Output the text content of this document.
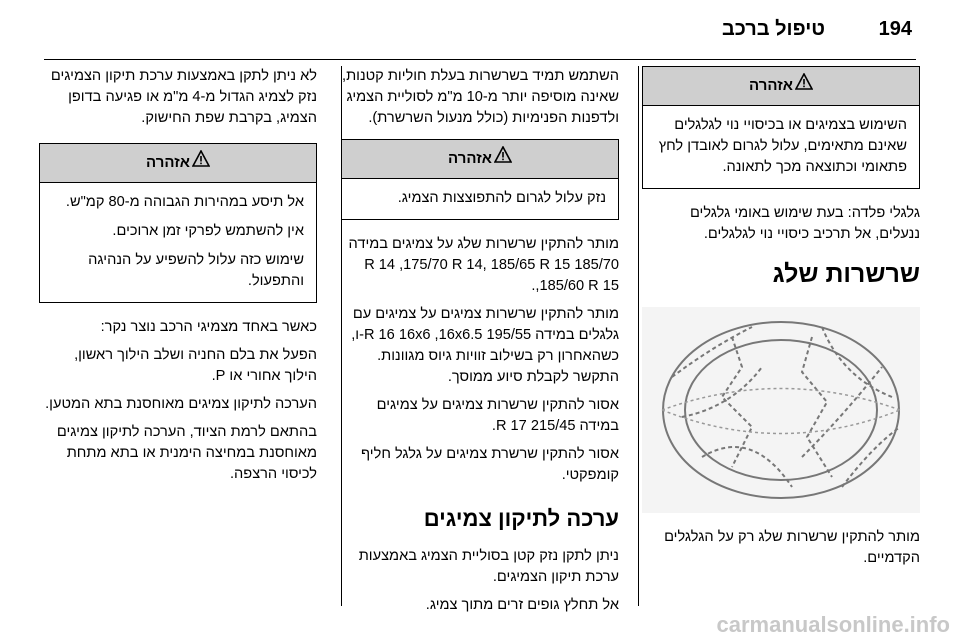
194
טיפול ברכב
אזהרה

השימוש בצמיגים או בכיסויי נוי לגלגלים שאינם מתאימים, עלול לגרום לאובדן לחץ פתאומי וכתוצאה מכך לתאונה.

גלגלי פלדה: בעת שימוש באומי גלגלים ננעלים, אל תרכיב כיסויי נוי לגלגלים.

שרשרות שלג

מותר להתקין שרשרות שלג רק על הגלגלים הקדמיים.

השתמש תמיד בשרשרות בעלת חוליות קטנות, שאינה מוסיפה יותר מ-10 מ"מ לסוליית הצמיג ולדפנות הפנימיות (כולל מנעול השרשרת).

אזהרה

נזק עלול לגרום להתפוצצות הצמיג.

מותר להתקין שרשרות שלג על צמיגים במידה 185/70 R 14 ,175/70 R 14, 185/65 R 15 ,185/60 R 15.

מותר להתקין שרשרות צמיגים על צמיגים עם גלגלים במידה 195/55 R 16 16x6 ,16x6.5-ו, כשהאחרון רק בשילוב זוויות גיוס מגוונות. התקשר לקבלת סיוע ממוסך.

אסור להתקין שרשרות צמיגים על צמיגים במידה 215/45 R 17.

אסור להתקין שרשרת צמיגים על גלגל חליף קומפקטי.

ערכה לתיקון צמיגים

ניתן לתקן נזק קטן בסוליית הצמיג באמצעות ערכת תיקון הצמיגים.

אל תחלץ גופים זרים מתוך צמיג.

לא ניתן לתקן באמצעות ערכת תיקון הצמיגים נזק לצמיג הגדול מ-4 מ"מ או פגיעה בדופן הצמיג, בקרבת שפת החישוק.

אזהרה

אל תיסע במהירות הגבוהה מ-80 קמ"ש.

אין להשתמש לפרקי זמן ארוכים.

שימוש כזה עלול להשפיע על הנהיגה והתפעול.

כאשר באחד מצמיגי הרכב נוצר נקר:

הפעל את בלם החניה ושלב הילוך ראשון, הילוך אחורי או P.

הערכה לתיקון צמיגים מאוחסנת בתא המטען.

בהתאם לרמת הציוד, הערכה לתיקון צמיגים מאוחסנת במחיצה הימנית או בתא מתחת לכיסוי הרצפה.

carmanualsonline.info
